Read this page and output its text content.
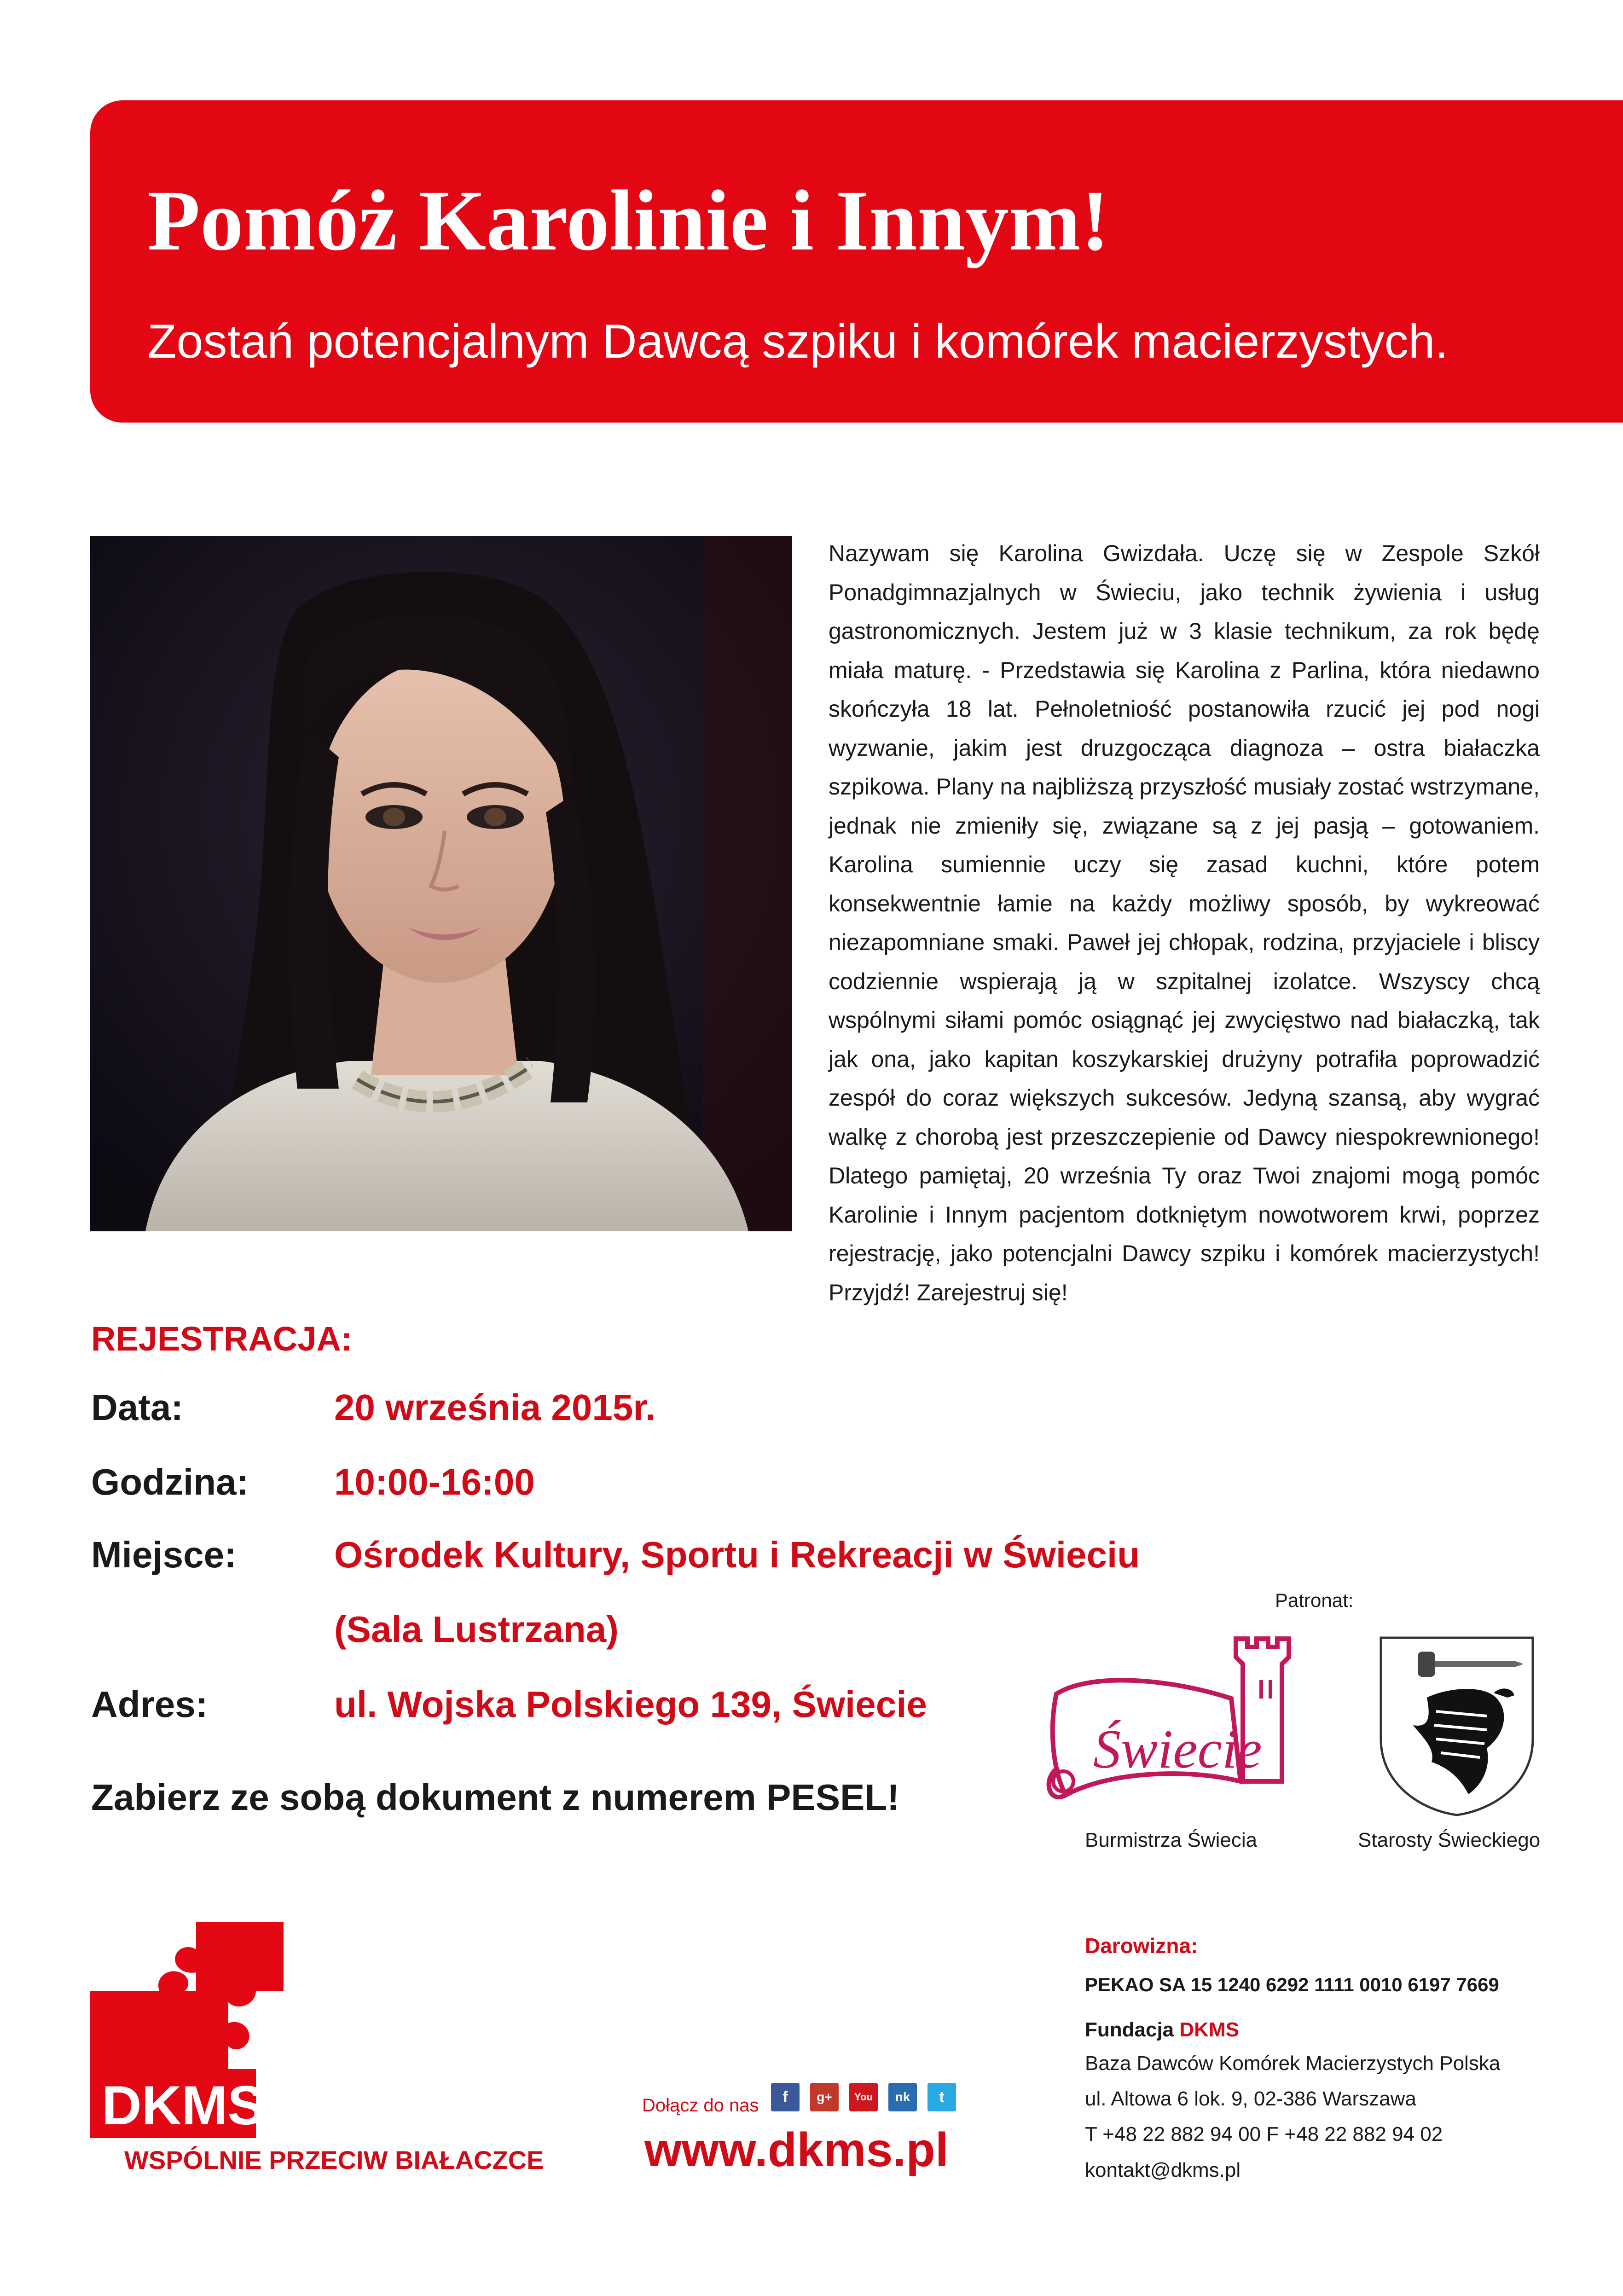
Pomóż Karolinie i Innym!
Zostań potencjalnym Dawcą szpiku i komórek macierzystych.

Nazywam się Karolina Gwizdała. Uczę się w Zespole Szkół Ponadgimnazjalnych w Świeciu, jako technik żywienia i usług gastronomicznych. Jestem już w 3 klasie technikum, za rok będę miała maturę. - Przedstawia się Karolina z Parlina, która niedawno skończyła 18 lat. Pełnoletniość postanowiła rzucić jej pod nogi wyzwanie, jakim jest druzgocząca diagnoza – ostra białaczka szpikowa. Plany na najbliższą przyszłość musiały zostać wstrzymane, jednak nie zmieniły się, związane są z jej pasją – gotowaniem. Karolina sumiennie uczy się zasad kuchni, które potem konsekwentnie łamie na każdy możliwy sposób, by wykreować niezapomniane smaki. Paweł jej chłopak, rodzina, przyjaciele i bliscy codziennie wspierają ją w szpitalnej izolatce. Wszyscy chcą wspólnymi siłami pomóc osiągnąć jej zwycięstwo nad białaczką, tak jak ona, jako kapitan koszykarskiej drużyny potrafiła poprowadzić zespół do coraz większych sukcesów. Jedyną szansą, aby wygrać walkę z chorobą jest przeszczepienie od Dawcy niespokrewnionego! Dlatego pamiętaj, 20 września Ty oraz Twoi znajomi mogą pomóc Karolinie i Innym pacjentom dotkniętym nowotworem krwi, poprzez rejestrację, jako potencjalni Dawcy szpiku i komórek macierzystych! Przyjdź! Zarejestruj się!

REJESTRACJA:
Data:	20 września 2015r.
Godzina: 10:00-16:00
Miejsce:	Ośrodek Kultury, Sportu i Rekreacji w Świeciu
(Sala Lustrzana)
Adres:	ul. Wojska Polskiego 139, Świecie
Zabierz ze sobą dokument z numerem PESEL!
Patronat:
Świecie
Burmistrza Świecia	Starosty Świeckiego
DKMS
WSPÓLNIE PRZECIW BIAŁACZCE
Dołącz do nas	f	g+	You	nk	t
www.dkms.pl
Darowizna:
PEKAO SA 15 1240 6292 1111 0010 6197 7669
Fundacja DKMS
Baza Dawców Komórek Macierzystych Polska
ul. Altowa 6 lok. 9, 02-386 Warszawa
T +48 22 882 94 00 F +48 22 882 94 02
kontakt@dkms.pl
